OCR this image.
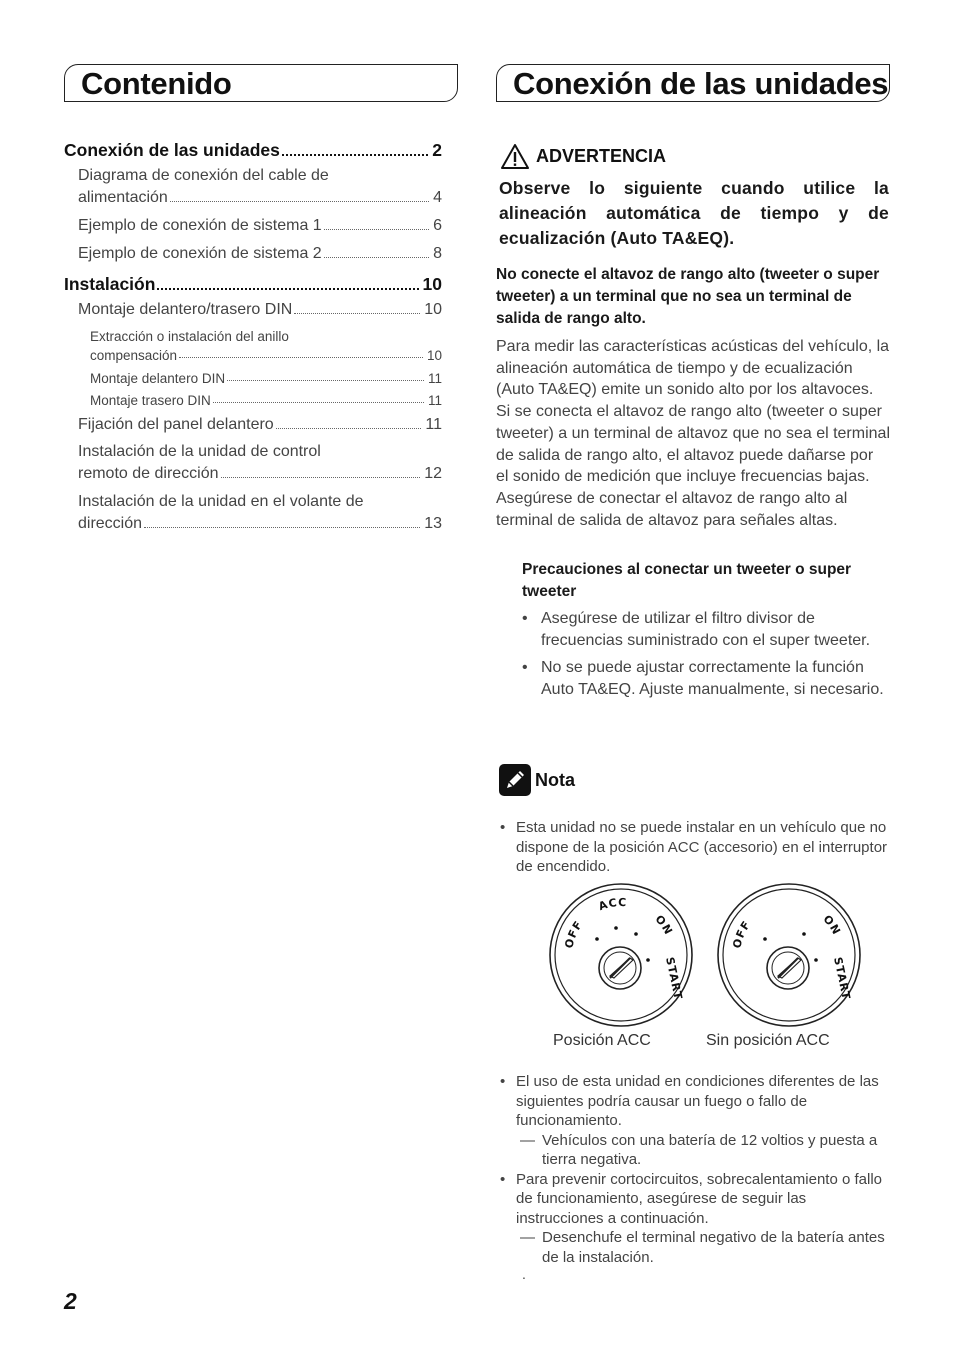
Contenido	Conexión de las unidades
Conexión de las unidades	2
Diagrama de conexión del cable de
alimentación	4
Ejemplo de conexión de sistema 1	6
Ejemplo de conexión de sistema 2	8
Instalación	10
Montaje delantero/trasero DIN	10
Extracción o instalación del anillo
compensación	10
Montaje delantero DIN	11
Montaje trasero DIN	11
Fijación del panel delantero	11
Instalación de la unidad de control
remoto de dirección	12
Instalación de la unidad en el volante de
dirección	13
ADVERTENCIA
Observe lo siguiente cuando utilice la alineación automática de tiempo y de ecualización (Auto TA&EQ).
No conecte el altavoz de rango alto (tweeter o super tweeter) a un terminal que no sea un terminal de salida de rango alto.
Para medir las características acústicas del vehículo, la alineación automática de tiempo y de ecualización (Auto TA&EQ) emite un sonido alto por los altavoces. Si se conecta el altavoz de rango alto (tweeter o super tweeter) a un terminal de altavoz que no sea el terminal de salida de rango alto, el altavoz puede dañarse por el sonido de medición que incluye frecuencias bajas. Asegúrese de conectar el altavoz de rango alto al terminal de salida de altavoz para señales altas.
Precauciones al conectar un tweeter o super tweeter
• Asegúrese de utilizar el filtro divisor de frecuencias suministrado con el super tweeter.
• No se puede ajustar correctamente la función Auto TA&EQ. Ajuste manualmente, si necesario.
Nota
• Esta unidad no se puede instalar en un vehículo que no dispone de la posición ACC (accesorio) en el interruptor de encendido.
OFF
ACC
ON
START
OFF	ON
START
Posición ACC	Sin posición ACC
• El uso de esta unidad en condiciones diferentes de las siguientes podría causar un fuego o fallo de funcionamiento.
— Vehículos con una batería de 12 voltios y puesta a tierra negativa.
• Para prevenir cortocircuitos, sobrecalentamiento o fallo de funcionamiento, asegúrese de seguir las instrucciones a continuación.
— Desenchufe el terminal negativo de la batería antes de la instalación.
.
2
